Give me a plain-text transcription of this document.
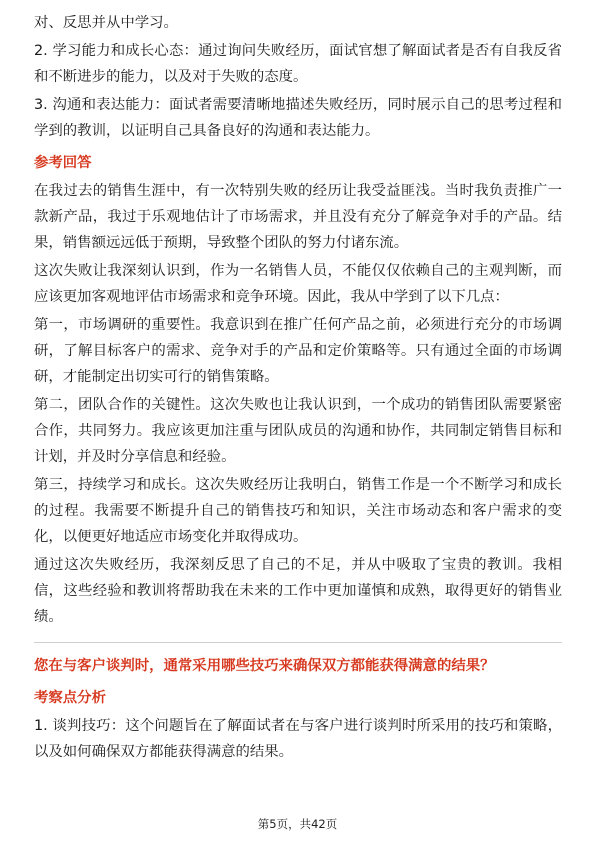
对、反思并从中学习。

2. 学习能力和成长心态：通过询问失败经历，面试官想了解面试者是否有自我反省和不断进步的能力，以及对于失败的态度。

3. 沟通和表达能力：面试者需要清晰地描述失败经历，同时展示自己的思考过程和学到的教训，以证明自己具备良好的沟通和表达能力。

参考回答

在我过去的销售生涯中，有一次特别失败的经历让我受益匪浅。当时我负责推广一款新产品，我过于乐观地估计了市场需求，并且没有充分了解竞争对手的产品。结果，销售额远远低于预期，导致整个团队的努力付诸东流。

这次失败让我深刻认识到，作为一名销售人员，不能仅仅依赖自己的主观判断，而应该更加客观地评估市场需求和竞争环境。因此，我从中学到了以下几点：

第一，市场调研的重要性。我意识到在推广任何产品之前，必须进行充分的市场调研，了解目标客户的需求、竞争对手的产品和定价策略等。只有通过全面的市场调研，才能制定出切实可行的销售策略。

第二，团队合作的关键性。这次失败也让我认识到，一个成功的销售团队需要紧密合作，共同努力。我应该更加注重与团队成员的沟通和协作，共同制定销售目标和计划，并及时分享信息和经验。

第三，持续学习和成长。这次失败经历让我明白，销售工作是一个不断学习和成长的过程。我需要不断提升自己的销售技巧和知识，关注市场动态和客户需求的变化，以便更好地适应市场变化并取得成功。

通过这次失败经历，我深刻反思了自己的不足，并从中吸取了宝贵的教训。我相信，这些经验和教训将帮助我在未来的工作中更加谨慎和成熟，取得更好的销售业绩。

您在与客户谈判时，通常采用哪些技巧来确保双方都能获得满意的结果？
考察点分析

1. 谈判技巧：这个问题旨在了解面试者在与客户进行谈判时所采用的技巧和策略，以及如何确保双方都能获得满意的结果。

第5页，共42页
